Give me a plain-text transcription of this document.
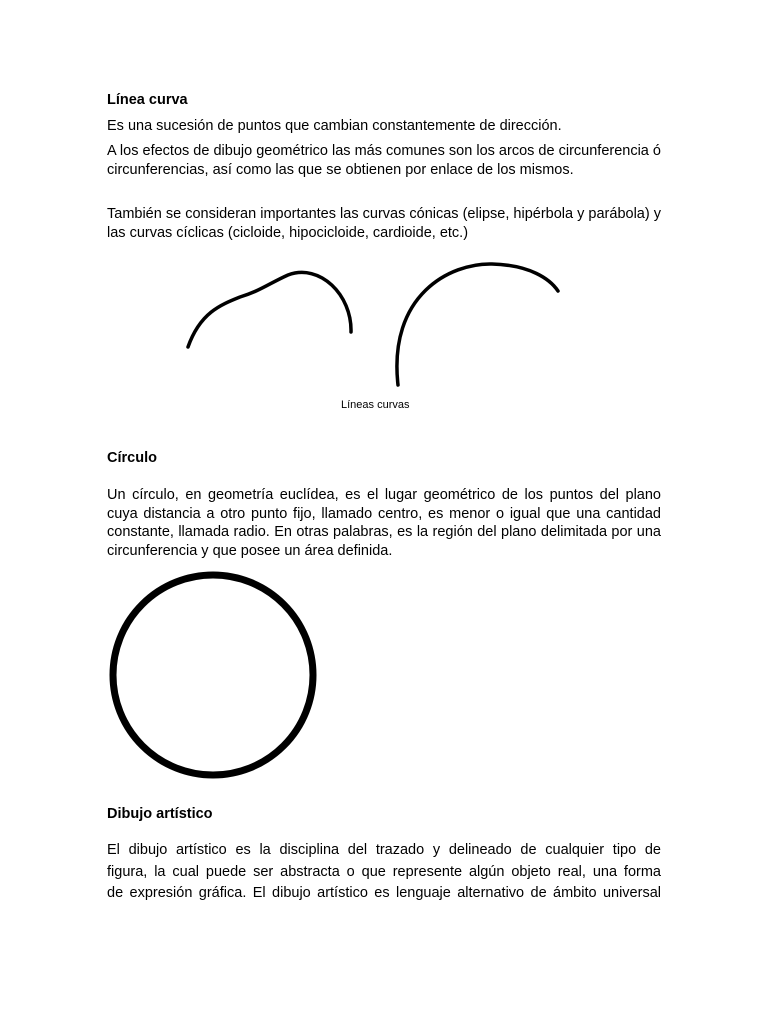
Línea curva

Es una sucesión de puntos que cambian constantemente de dirección.

A los efectos de dibujo geométrico las más comunes son los arcos de circunferencia ó circunferencias, así como las que se obtienen por enlace de los mismos.

También se consideran importantes las curvas cónicas (elipse, hipérbola y parábola) y las curvas cíclicas (cicloide, hipocicloide, cardioide, etc.)

Líneas curvas

Círculo

Un círculo, en geometría euclídea, es el lugar geométrico de los puntos del plano cuya distancia a otro punto fijo, llamado centro, es menor o igual que una cantidad constante, llamada radio. En otras palabras, es la región del plano delimitada por una circunferencia y que posee un área definida.

Dibujo artístico

El dibujo artístico es la disciplina del trazado y delineado de cualquier tipo de

figura, la cual puede ser abstracta o que represente algún objeto real, una forma

de expresión gráfica. El dibujo artístico es lenguaje alternativo de ámbito universal
